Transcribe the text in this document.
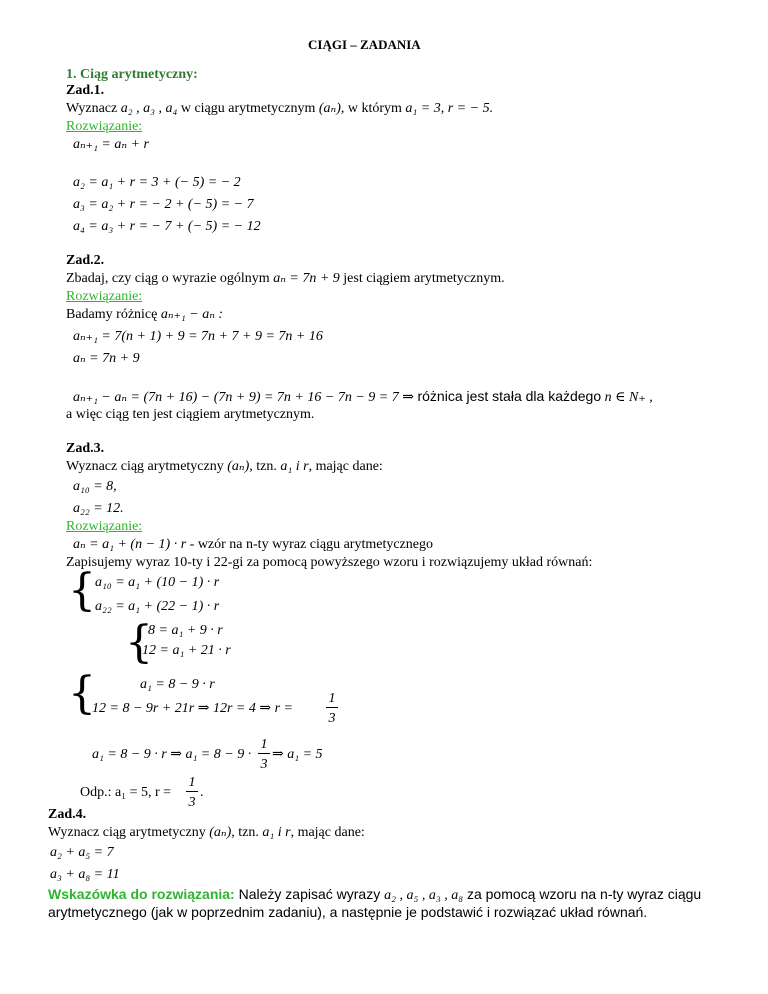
CIĄGI – ZADANIA
1. Ciąg arytmetyczny:
Zad.1.
Wyznacz a₂ , a₃ , a₄ w ciągu arytmetycznym (aₙ), w którym a₁ = 3, r = − 5.
Rozwiązanie:
aₙ₊₁ = aₙ + r
a₂ = a₁ + r = 3 + (− 5) = − 2
a₃ = a₂ + r = − 2 + (− 5) = − 7
a₄ = a₃ + r = − 7 + (− 5) = − 12
Zad.2.
Zbadaj, czy ciąg o wyrazie ogólnym aₙ = 7n + 9 jest ciągiem arytmetycznym.
Rozwiązanie:
Badamy różnicę aₙ₊₁ − aₙ :
aₙ₊₁ = 7(n + 1) + 9 = 7n + 7 + 9 = 7n + 16
aₙ = 7n + 9
aₙ₊₁ − aₙ = (7n + 16) − (7n + 9) = 7n + 16 − 7n − 9 = 7 ⇒ różnica jest stała dla każdego n ∈ N₊ ,
a więc ciąg ten jest ciągiem arytmetycznym.
Zad.3.
Wyznacz ciąg arytmetyczny (aₙ), tzn. a₁ i r, mając dane:
a₁₀ = 8,
a₂₂ = 12.
Rozwiązanie:
aₙ = a₁ + (n − 1) · r - wzór na n-ty wyraz ciągu arytmetycznego
Zapisujemy wyraz 10-ty i 22-gi za pomocą powyższego wzoru i rozwiązujemy układ równań:
{ a₁₀ = a₁ + (10 − 1) · r
a₂₂ = a₁ + (22 − 1) · r
{
8 = a₁ + 9 · r
12 = a₁ + 21 · r
{	a₁ = 8 − 9 · r
12 = 8 − 9r + 21r ⇒ 12r = 4 ⇒ r =
1
3
a₁ = 8 − 9 · r ⇒ a₁ = 8 − 9 ·
1
3
⇒ a₁ = 5
Odp.: a₁ = 5, r =
1
3
.
Zad.4.
Wyznacz ciąg arytmetyczny (aₙ), tzn. a₁ i r, mając dane:
a₂ + a₅ = 7
a₃ + a₈ = 11
Wskazówka do rozwiązania: Należy zapisać wyrazy a₂ , a₅ , a₃ , a₈ za pomocą wzoru na n-ty wyraz ciągu
arytmetycznego (jak w poprzednim zadaniu), a następnie je podstawić i rozwiązać układ równań.
